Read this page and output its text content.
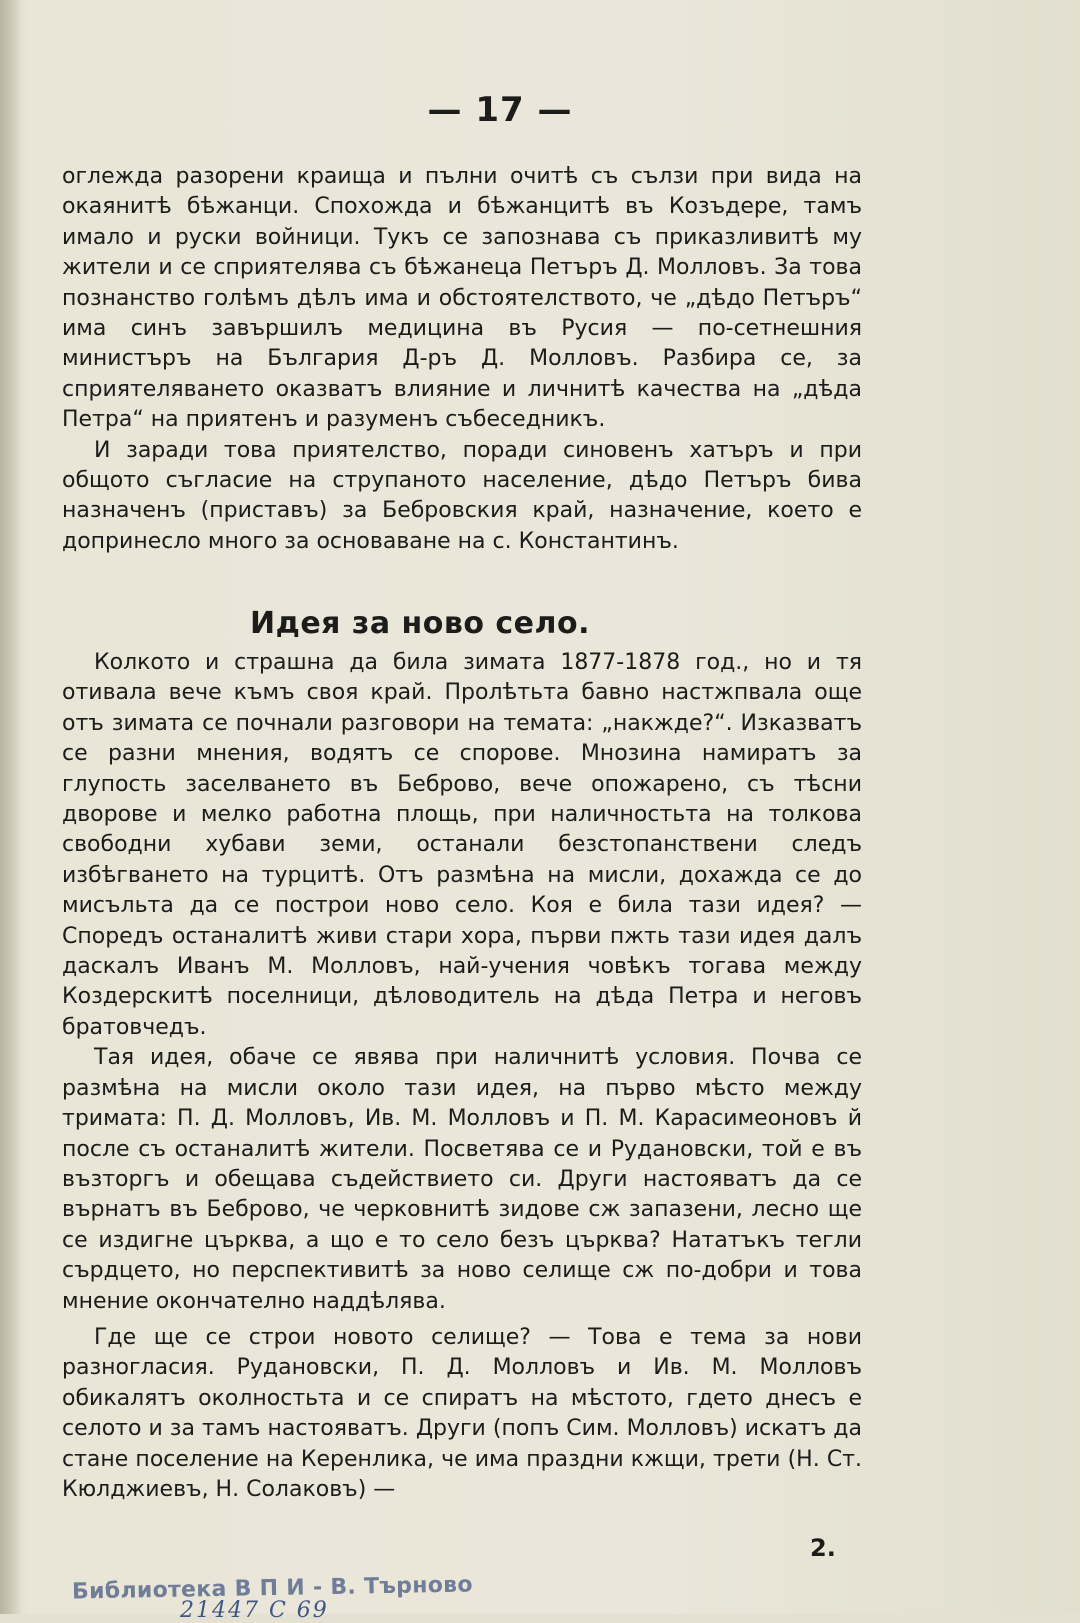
— 17 —

оглежда разорени краища и пълни очитѣ съ сълзи при вида на окаянитѣ бѣжанци. Спохожда и бѣжанцитѣ въ Козъдере, тамъ имало и руски войници. Тукъ се запознава съ приказливитѣ му жители и се сприятелява съ бѣжанеца Петъръ Д. Молловъ. За това познанство голѣмъ дѣлъ има и обстоятелството, че „дѣдо Петъръ“ има синъ завършилъ медицина въ Русия — по-сетнешния министъръ на България Д-ръ Д. Молловъ. Разбира се, за сприятеляването оказватъ влияние и личнитѣ качества на „дѣда Петра“ на приятенъ и разуменъ събеседникъ.

И заради това приятелство, поради синовенъ хатъръ и при общото съгласие на струпаното население, дѣдо Петъръ бива назначенъ (приставъ) за Бебровския край, назначение, което е допринесло много за основаване на с. Константинъ.

Идея за ново село.

Колкото и страшна да била зимата 1877-1878 год., но и тя отивала вече къмъ своя край. Пролѣтьта бавно настжпвала още отъ зимата се почнали разговори на темата: „накжде?“. Изказватъ се разни мнения, водятъ се спорове. Мнозина намиратъ за глупость заселването въ Беброво, вече опожарено, съ тѣсни дворове и мелко работна площь, при наличностьта на толкова свободни хубави земи, останали безстопанствени следъ избѣгването на турцитѣ. Отъ размѣна на мисли, дохажда се до мисъльта да се построи ново село. Коя е била тази идея? — Споредъ останалитѣ живи стари хора, първи пжть тази идея далъ даскалъ Иванъ М. Молловъ, най-учения човѣкъ тогава между Коздерскитѣ поселници, дѣловодитель на дѣда Петра и неговъ братовчедъ.

Тая идея, обаче се явява при наличнитѣ условия. Почва се размѣна на мисли около тази идея, на първо мѣсто между тримата: П. Д. Молловъ, Ив. М. Молловъ и П. М. Карасимеоновъ й после съ останалитѣ жители. Посветява се и Рудановски, той е въ възторгъ и обещава съдействието си. Други настояватъ да се върнатъ въ Беброво, че черковнитѣ зидове сж запазени, лесно ще се издигне църква, а що е то село безъ църква? Нататъкъ тегли сърдцето, но перспективитѣ за ново селище сж по-добри и това мнение окончателно наддѣлява.

Где ще се строи новото селище? — Това е тема за нови разногласия. Рудановски, П. Д. Молловъ и Ив. М. Молловъ обикалятъ околностьта и се спиратъ на мѣстото, гдето днесъ е селото и за тамъ настояватъ. Други (попъ Сим. Молловъ) искатъ да стане поселение на Керенлика, че има праздни кжщи, трети (Н. Ст. Кюлджиевъ, Н. Солаковъ) —

2.
Библиотека В П И - В. Търново
21447 С 69
